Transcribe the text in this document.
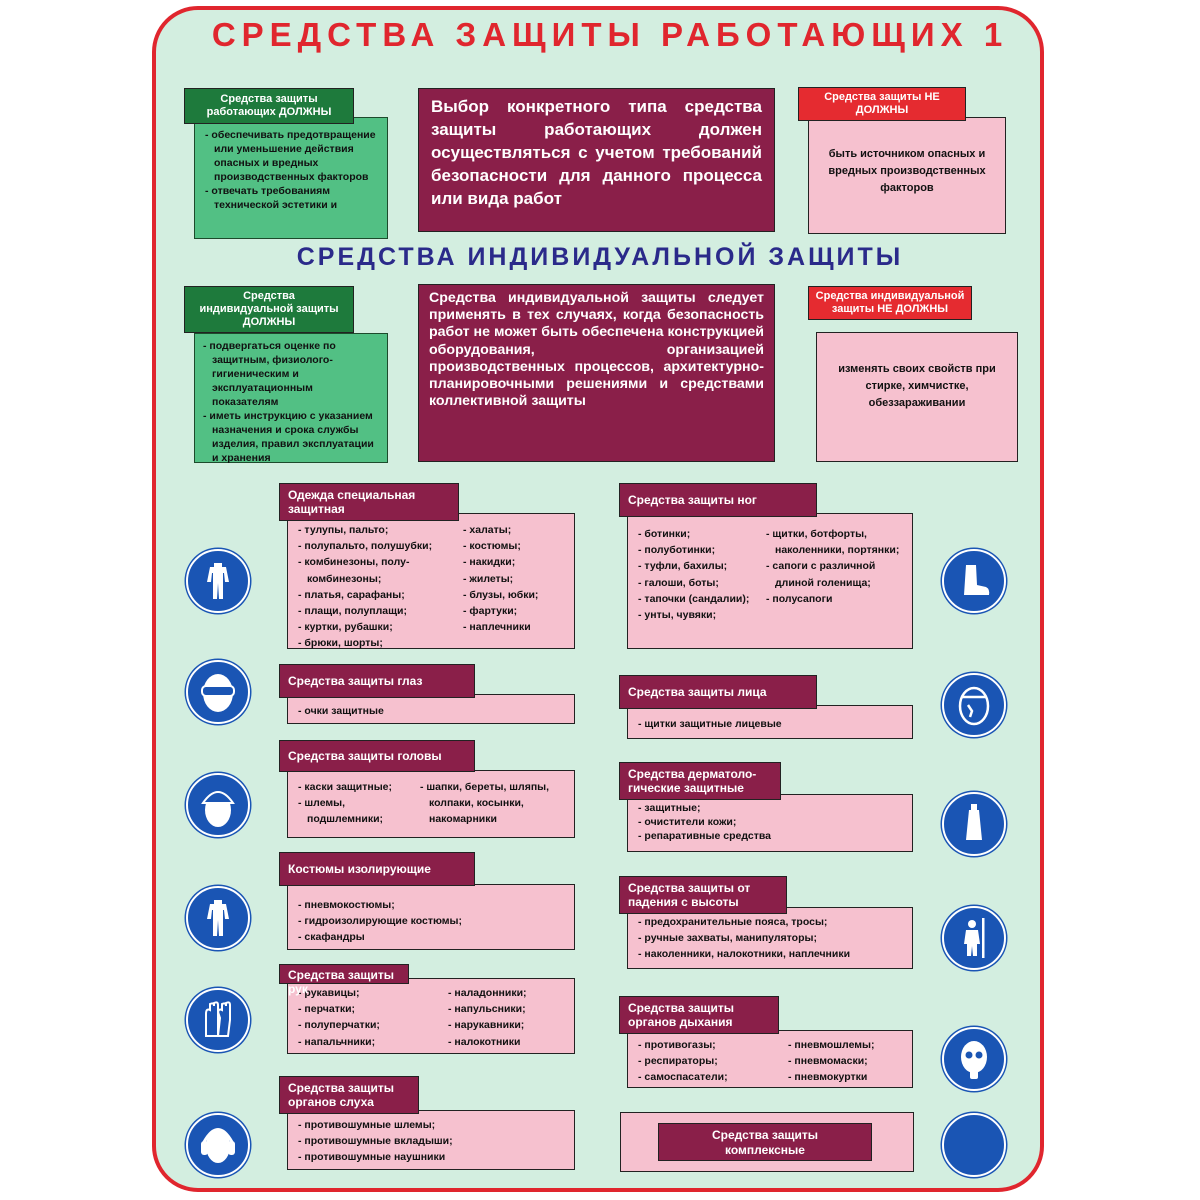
СРЕДСТВА ЗАЩИТЫ РАБОТАЮЩИХ 1
- обеспечивать предотвращение или уменьшение действия опасных и вредных производственных факторов
- отвечать требованиям технической эстетики и
Средства защиты работающих ДОЛЖНЫ	Выбор конкретного типа средства защиты работающих должен осуществляться с учетом требований безопасности для данного процесса или вида работ
быть источником опасных и вредных производственных факторов
Средства защиты НЕ ДОЛЖНЫ
СРЕДСТВА ИНДИВИДУАЛЬНОЙ ЗАЩИТЫ
- подвергаться оценке по защитным, физиолого-гигиеническим и эксплуатационным показателям
- иметь инструкцию с указанием назначения и срока службы изделия, правил эксплуатации и хранения
Средства индивидуальной защиты ДОЛЖНЫ
Средства индивидуальной защиты следует применять в тех случаях, когда безопасность работ не может быть обеспечена конструкцией оборудования, организацией производственных процессов, архитектурно-планировочными решениями и средствами коллективной защиты
изменять своих свойств при стирке, химчистке, обеззараживании
Средства индивидуальной защиты НЕ ДОЛЖНЫ
- тулупы, пальто;
- полупальто, полушубки;
- комбинезоны, полу-комбинезоны;
- платья, сарафаны;
- плащи, полуплащи;
- куртки, рубашки;
- брюки, шорты;
- халаты;
- костюмы;
- накидки;
- жилеты;
- блузы, юбки;
- фартуки;
- наплечники
Одежда специальная защитная
- очки защитные
Средства защиты глаз
- каски защитные;
- шлемы, подшлемники;
- шапки, береты, шляпы, колпаки, косынки, накомарники
Средства защиты головы
- пневмокостюмы;
- гидроизолирующие костюмы;
- скафандры
Костюмы изолирующие
- рукавицы;
- перчатки;
- полуперчатки;
- напальчники;
- наладонники;
- напульсники;
- нарукавники;
- налокотники
Средства защиты рук
- противошумные шлемы;
- противошумные вкладыши;
- противошумные наушники
Средства защиты органов слуха
- ботинки;
- полуботинки;
- туфли, бахилы;
- галоши, боты;
- тапочки (сандалии);
- унты, чувяки;
- щитки, ботфорты, наколенники, портянки;
- сапоги с различной длиной голенища;
- полусапоги
Средства защиты ног
- щитки защитные лицевые
Средства защиты лица
- защитные;
- очистители кожи;
- репаративные средства
Средства дерматоло-гические защитные
- предохранительные пояса, тросы;
- ручные захваты, манипуляторы;
- наколенники, налокотники, наплечники
Средства защиты от падения с высоты
- противогазы;
- респираторы;
- самоспасатели;
- пневмошлемы;
- пневмомаски;
- пневмокуртки
Средства защиты органов дыхания
Средства защиты комплексные
